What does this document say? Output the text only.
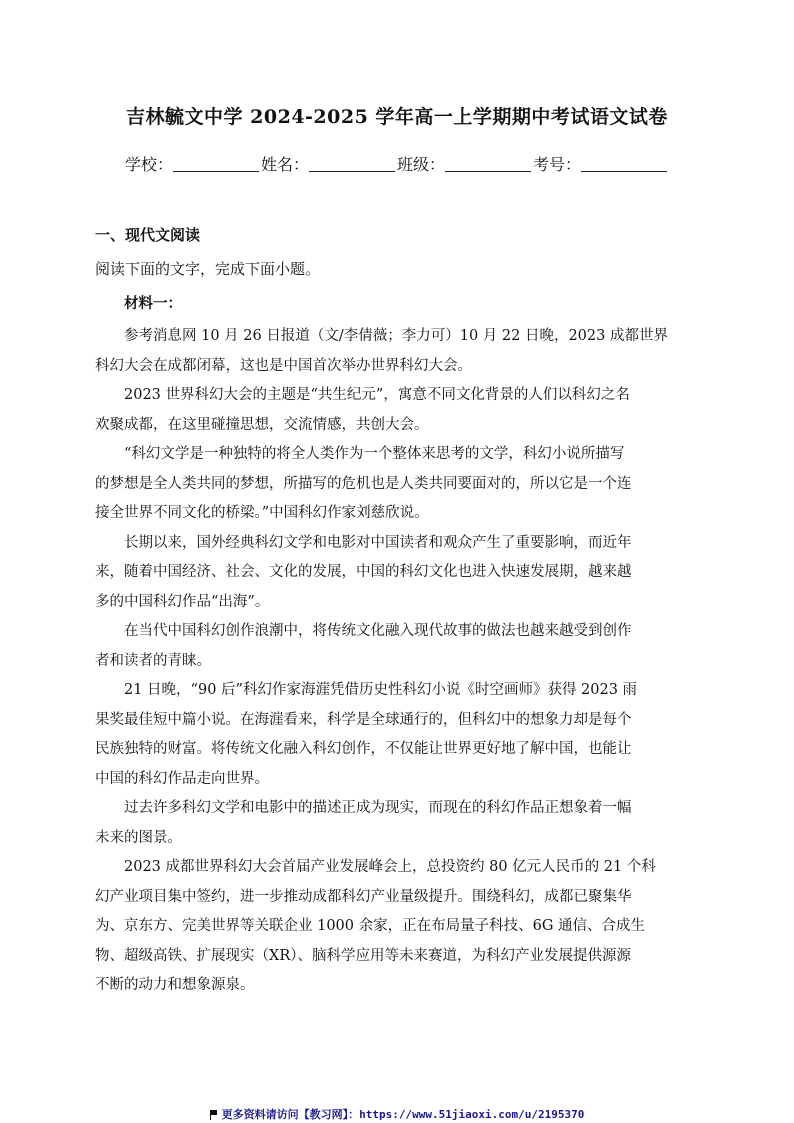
吉林毓文中学 2024-2025 学年高一上学期期中考试语文试卷
学校：	姓名：	班级：	考号：
一、现代文阅读
阅读下面的文字，完成下面小题。
材料一：

参考消息网 10 月 26 日报道（文/李倩薇；李力可）10 月 22 日晚，2023 成都世界
科幻大会在成都闭幕，这也是中国首次举办世界科幻大会。

2023 世界科幻大会的主题是“共生纪元”，寓意不同文化背景的人们以科幻之名
欢聚成都，在这里碰撞思想，交流情感，共创大会。

“科幻文学是一种独特的将全人类作为一个整体来思考的文学，科幻小说所描写
的梦想是全人类共同的梦想，所描写的危机也是人类共同要面对的，所以它是一个连
接全世界不同文化的桥梁。”中国科幻作家刘慈欣说。

长期以来，国外经典科幻文学和电影对中国读者和观众产生了重要影响，而近年
来，随着中国经济、社会、文化的发展，中国的科幻文化也进入快速发展期，越来越
多的中国科幻作品“出海”。

在当代中国科幻创作浪潮中，将传统文化融入现代故事的做法也越来越受到创作
者和读者的青睐。

21 日晚，“90 后”科幻作家海漄凭借历史性科幻小说《时空画师》获得 2023 雨
果奖最佳短中篇小说。在海漄看来，科学是全球通行的，但科幻中的想象力却是每个
民族独特的财富。将传统文化融入科幻创作，不仅能让世界更好地了解中国，也能让
中国的科幻作品走向世界。

过去许多科幻文学和电影中的描述正成为现实，而现在的科幻作品正想象着一幅
未来的图景。

2023 成都世界科幻大会首届产业发展峰会上，总投资约 80 亿元人民币的 21 个科
幻产业项目集中签约，进一步推动成都科幻产业量级提升。围绕科幻，成都已聚集华
为、京东方、完美世界等关联企业 1000 余家，正在布局量子科技、6G 通信、合成生
物、超级高铁、扩展现实（XR）、脑科学应用等未来赛道，为科幻产业发展提供源源
不断的动力和想象源泉。

更多资料请访问【教习网】：https://www.51jiaoxi.com/u/2195370
